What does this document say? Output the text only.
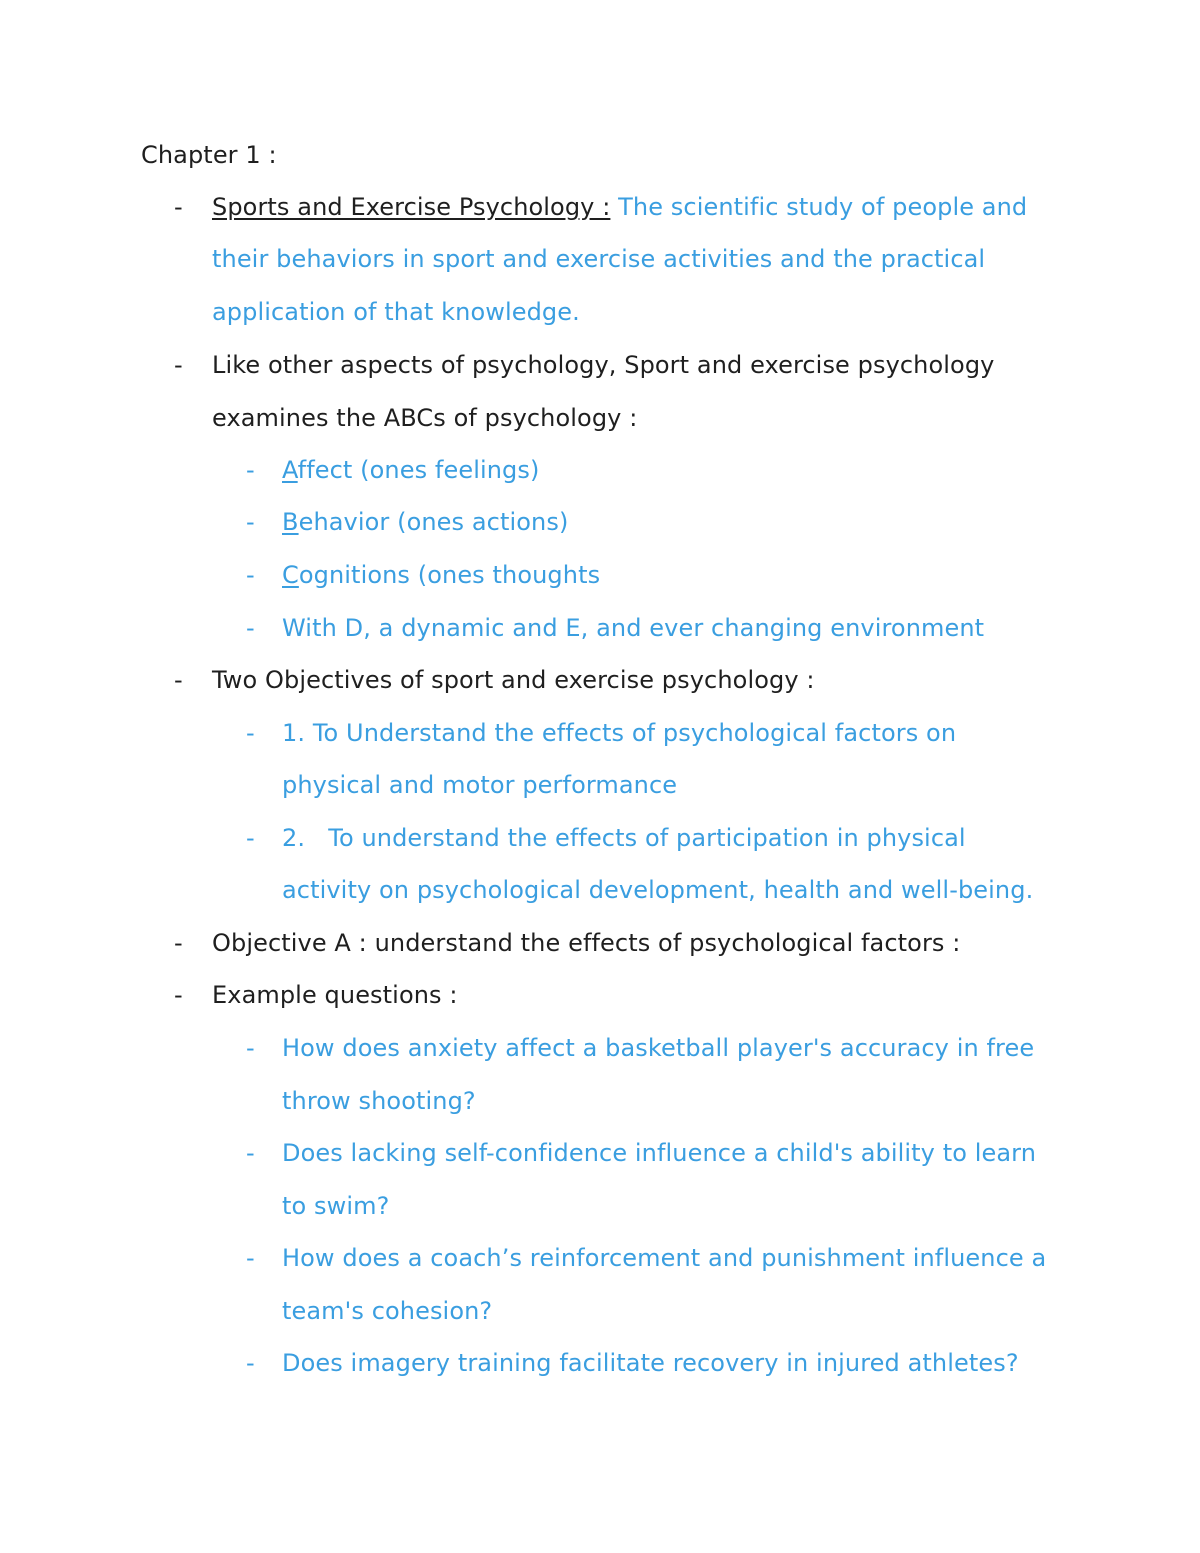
Chapter 1 :
- Sports and Exercise Psychology : The scientific study of people and
their behaviors in sport and exercise activities and the practical
application of that knowledge.
- Like other aspects of psychology, Sport and exercise psychology
examines the ABCs of psychology :
- Affect (ones feelings)
- Behavior (ones actions)
- Cognitions (ones thoughts
- With D, a dynamic and E, and ever changing environment
- Two Objectives of sport and exercise psychology :
- 1. To Understand the effects of psychological factors on
physical and motor performance
- 2.   To understand the effects of participation in physical
activity on psychological development, health and well-being.
- Objective A : understand the effects of psychological factors :
- Example questions :
- How does anxiety affect a basketball player's accuracy in free
throw shooting?
- Does lacking self-confidence influence a child's ability to learn
to swim?
- How does a coach’s reinforcement and punishment influence a
team's cohesion?
- Does imagery training facilitate recovery in injured athletes?
